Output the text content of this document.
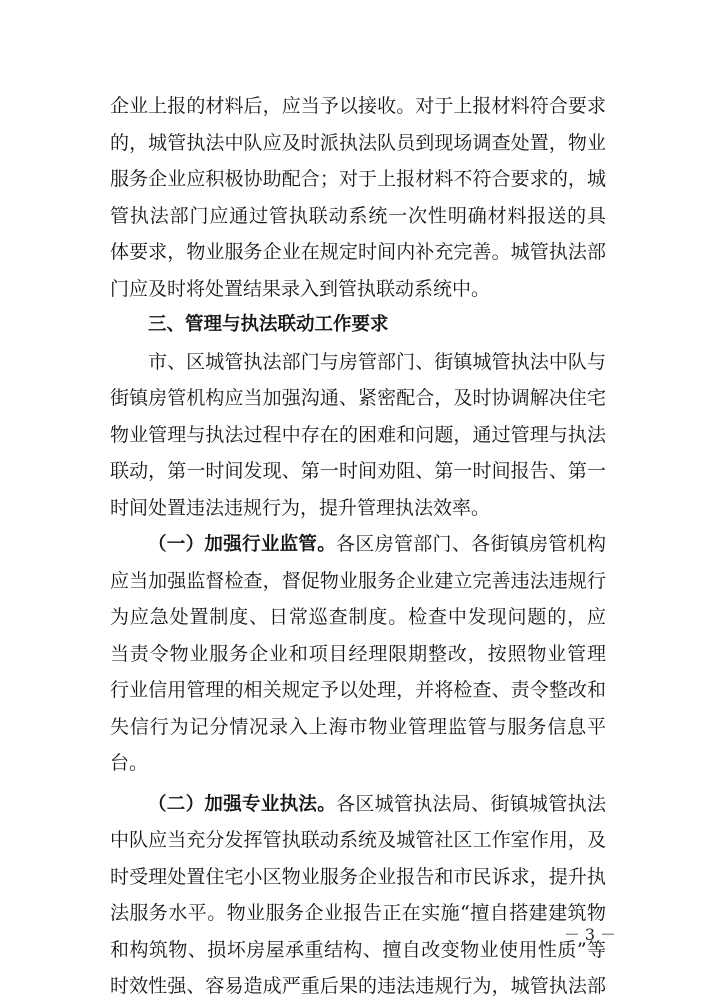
企业上报的材料后，应当予以接收。对于上报材料符合要求
的，城管执法中队应及时派执法队员到现场调查处置，物业
服务企业应积极协助配合；对于上报材料不符合要求的，城
管执法部门应通过管执联动系统一次性明确材料报送的具
体要求，物业服务企业在规定时间内补充完善。城管执法部
门应及时将处置结果录入到管执联动系统中。
三、管理与执法联动工作要求
市、区城管执法部门与房管部门、街镇城管执法中队与
街镇房管机构应当加强沟通、紧密配合，及时协调解决住宅
物业管理与执法过程中存在的困难和问题，通过管理与执法
联动，第一时间发现、第一时间劝阻、第一时间报告、第一
时间处置违法违规行为，提升管理执法效率。
（一）加强行业监管。各区房管部门、各街镇房管机构
应当加强监督检查，督促物业服务企业建立完善违法违规行
为应急处置制度、日常巡查制度。检查中发现问题的，应
当责令物业服务企业和项目经理限期整改，按照物业管理
行业信用管理的相关规定予以处理，并将检查、责令整改和
失信行为记分情况录入上海市物业管理监管与服务信息平
台。
（二）加强专业执法。各区城管执法局、街镇城管执法
中队应当充分发挥管执联动系统及城管社区工作室作用，及
时受理处置住宅小区物业服务企业报告和市民诉求，提升执
法服务水平。物业服务企业报告正在实施“擅自搭建建筑物
和构筑物、损坏房屋承重结构、擅自改变物业使用性质”等
时效性强、容易造成严重后果的违法违规行为，城管执法部
－ 3 －
